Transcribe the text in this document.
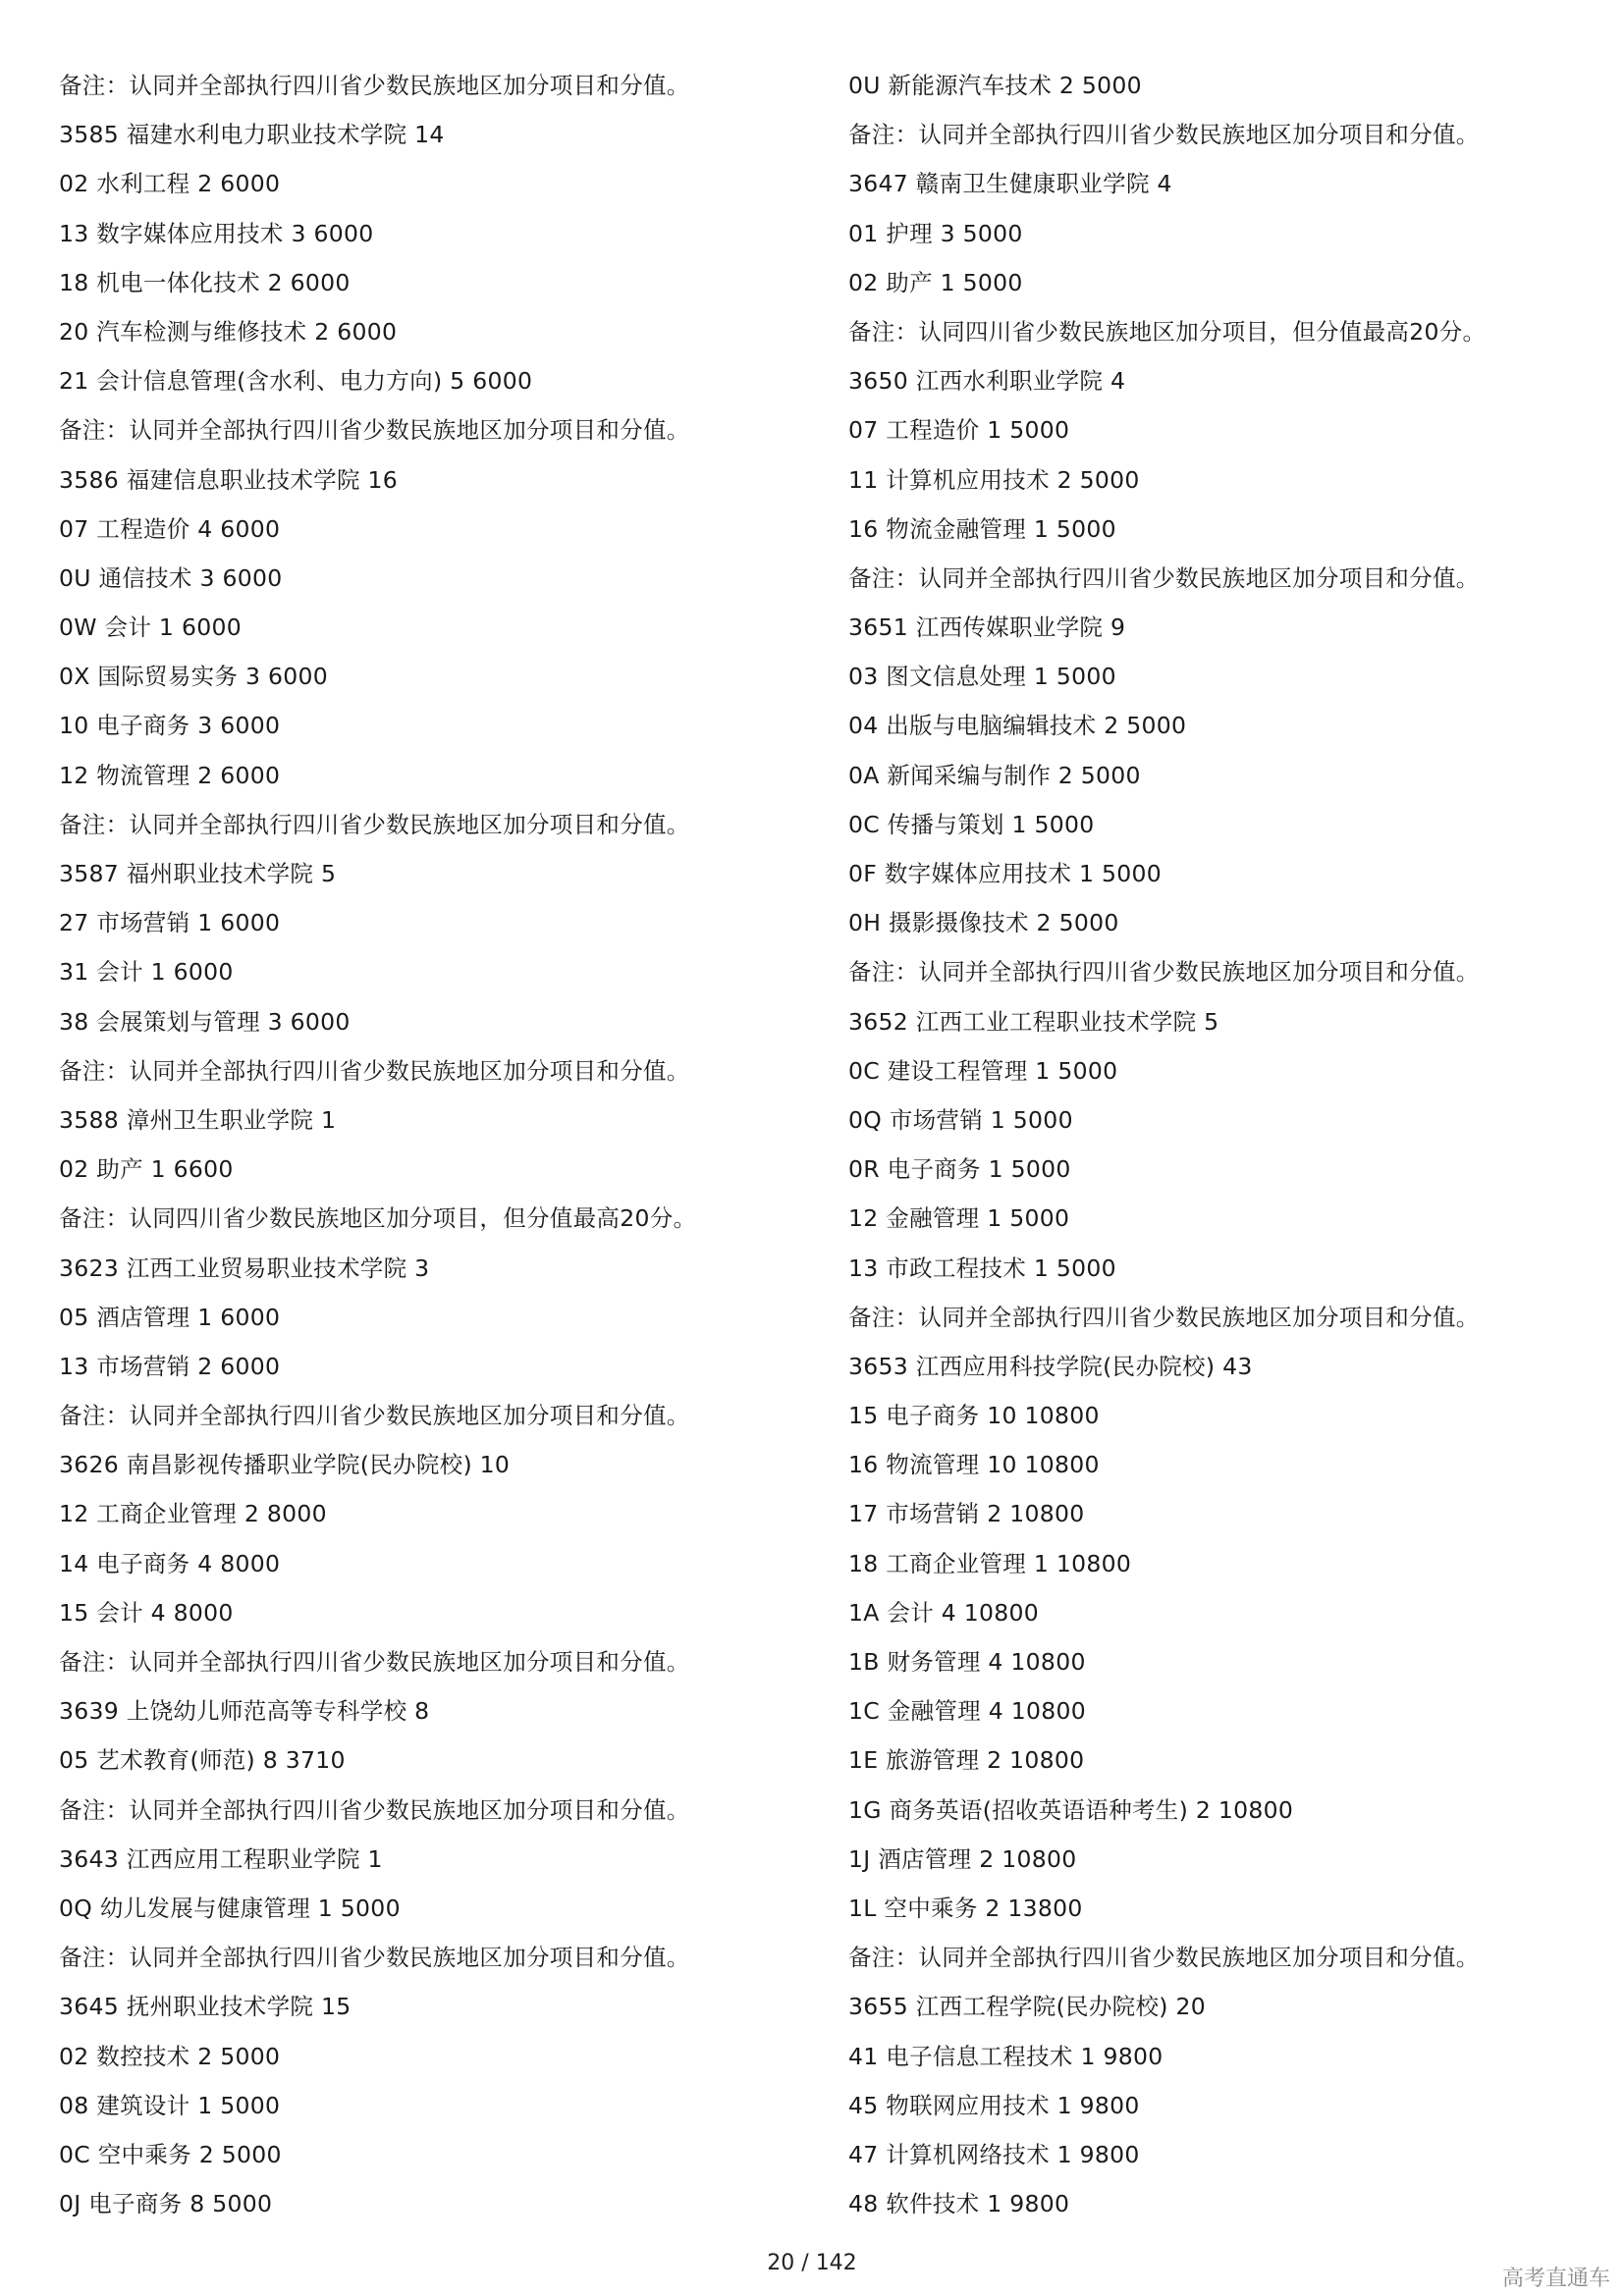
备注：认同并全部执行四川省少数民族地区加分项目和分值。
3585 福建水利电力职业技术学院 14
02 水利工程 2 6000
13 数字媒体应用技术 3 6000
18 机电一体化技术 2 6000
20 汽车检测与维修技术 2 6000
21 会计信息管理(含水利、电力方向) 5 6000
备注：认同并全部执行四川省少数民族地区加分项目和分值。
3586 福建信息职业技术学院 16
07 工程造价 4 6000
0U 通信技术 3 6000
0W 会计 1 6000
0X 国际贸易实务 3 6000
10 电子商务 3 6000
12 物流管理 2 6000
备注：认同并全部执行四川省少数民族地区加分项目和分值。
3587 福州职业技术学院 5
27 市场营销 1 6000
31 会计 1 6000
38 会展策划与管理 3 6000
备注：认同并全部执行四川省少数民族地区加分项目和分值。
3588 漳州卫生职业学院 1
02 助产 1 6600
备注：认同四川省少数民族地区加分项目，但分值最高20分。
3623 江西工业贸易职业技术学院 3
05 酒店管理 1 6000
13 市场营销 2 6000
备注：认同并全部执行四川省少数民族地区加分项目和分值。
3626 南昌影视传播职业学院(民办院校) 10
12 工商企业管理 2 8000
14 电子商务 4 8000
15 会计 4 8000
备注：认同并全部执行四川省少数民族地区加分项目和分值。
3639 上饶幼儿师范高等专科学校 8
05 艺术教育(师范) 8 3710
备注：认同并全部执行四川省少数民族地区加分项目和分值。
3643 江西应用工程职业学院 1
0Q 幼儿发展与健康管理 1 5000
备注：认同并全部执行四川省少数民族地区加分项目和分值。
3645 抚州职业技术学院 15
02 数控技术 2 5000
08 建筑设计 1 5000
0C 空中乘务 2 5000
0J 电子商务 8 5000
0U 新能源汽车技术 2 5000
备注：认同并全部执行四川省少数民族地区加分项目和分值。
3647 赣南卫生健康职业学院 4
01 护理 3 5000
02 助产 1 5000
备注：认同四川省少数民族地区加分项目，但分值最高20分。
3650 江西水利职业学院 4
07 工程造价 1 5000
11 计算机应用技术 2 5000
16 物流金融管理 1 5000
备注：认同并全部执行四川省少数民族地区加分项目和分值。
3651 江西传媒职业学院 9
03 图文信息处理 1 5000
04 出版与电脑编辑技术 2 5000
0A 新闻采编与制作 2 5000
0C 传播与策划 1 5000
0F 数字媒体应用技术 1 5000
0H 摄影摄像技术 2 5000
备注：认同并全部执行四川省少数民族地区加分项目和分值。
3652 江西工业工程职业技术学院 5
0C 建设工程管理 1 5000
0Q 市场营销 1 5000
0R 电子商务 1 5000
12 金融管理 1 5000
13 市政工程技术 1 5000
备注：认同并全部执行四川省少数民族地区加分项目和分值。
3653 江西应用科技学院(民办院校) 43
15 电子商务 10 10800
16 物流管理 10 10800
17 市场营销 2 10800
18 工商企业管理 1 10800
1A 会计 4 10800
1B 财务管理 4 10800
1C 金融管理 4 10800
1E 旅游管理 2 10800
1G 商务英语(招收英语语种考生) 2 10800
1J 酒店管理 2 10800
1L 空中乘务 2 13800
备注：认同并全部执行四川省少数民族地区加分项目和分值。
3655 江西工程学院(民办院校) 20
41 电子信息工程技术 1 9800
45 物联网应用技术 1 9800
47 计算机网络技术 1 9800
48 软件技术 1 9800
20 / 142
高考直通车
